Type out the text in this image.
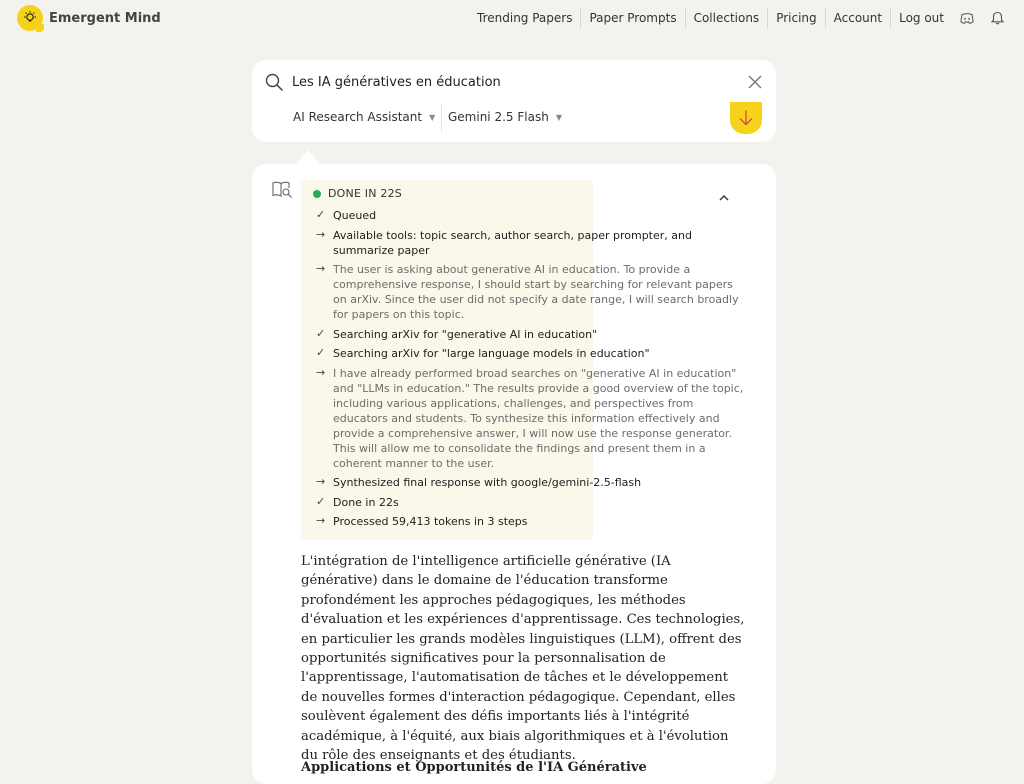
Emergent Mind	Trending Papers	Paper Prompts	Collections	Pricing	Account	Log out
Les IA génératives en éducation
AI Research Assistant ▼ Gemini 2.5 Flash ▼
DONE IN 22S
✓ Queued
→ Available tools: topic search, author search, paper prompter, and summarize paper
→ The user is asking about generative AI in education. To provide a comprehensive response, I should start by searching for relevant papers on arXiv. Since the user did not specify a date range, I will search broadly for papers on this topic.
✓ Searching arXiv for "generative AI in education"
✓ Searching arXiv for "large language models in education"
→ I have already performed broad searches on "generative AI in education" and "LLMs in education." The results provide a good overview of the topic, including various applications, challenges, and perspectives from educators and students. To synthesize this information effectively and provide a comprehensive answer, I will now use the response generator. This will allow me to consolidate the findings and present them in a coherent manner to the user.
→ Synthesized final response with google/gemini-2.5-flash
✓ Done in 22s
→ Processed 59,413 tokens in 3 steps

L'intégration de l'intelligence artificielle générative (IA générative) dans le domaine de l'éducation transforme profondément les approches pédagogiques, les méthodes d'évaluation et les expériences d'apprentissage. Ces technologies, en particulier les grands modèles linguistiques (LLM), offrent des opportunités significatives pour la personnalisation de l'apprentissage, l'automatisation de tâches et le développement de nouvelles formes d'interaction pédagogique. Cependant, elles soulèvent également des défis importants liés à l'intégrité académique, à l'équité, aux biais algorithmiques et à l'évolution du rôle des enseignants et des étudiants.

Applications et Opportunités de l'IA Générative
